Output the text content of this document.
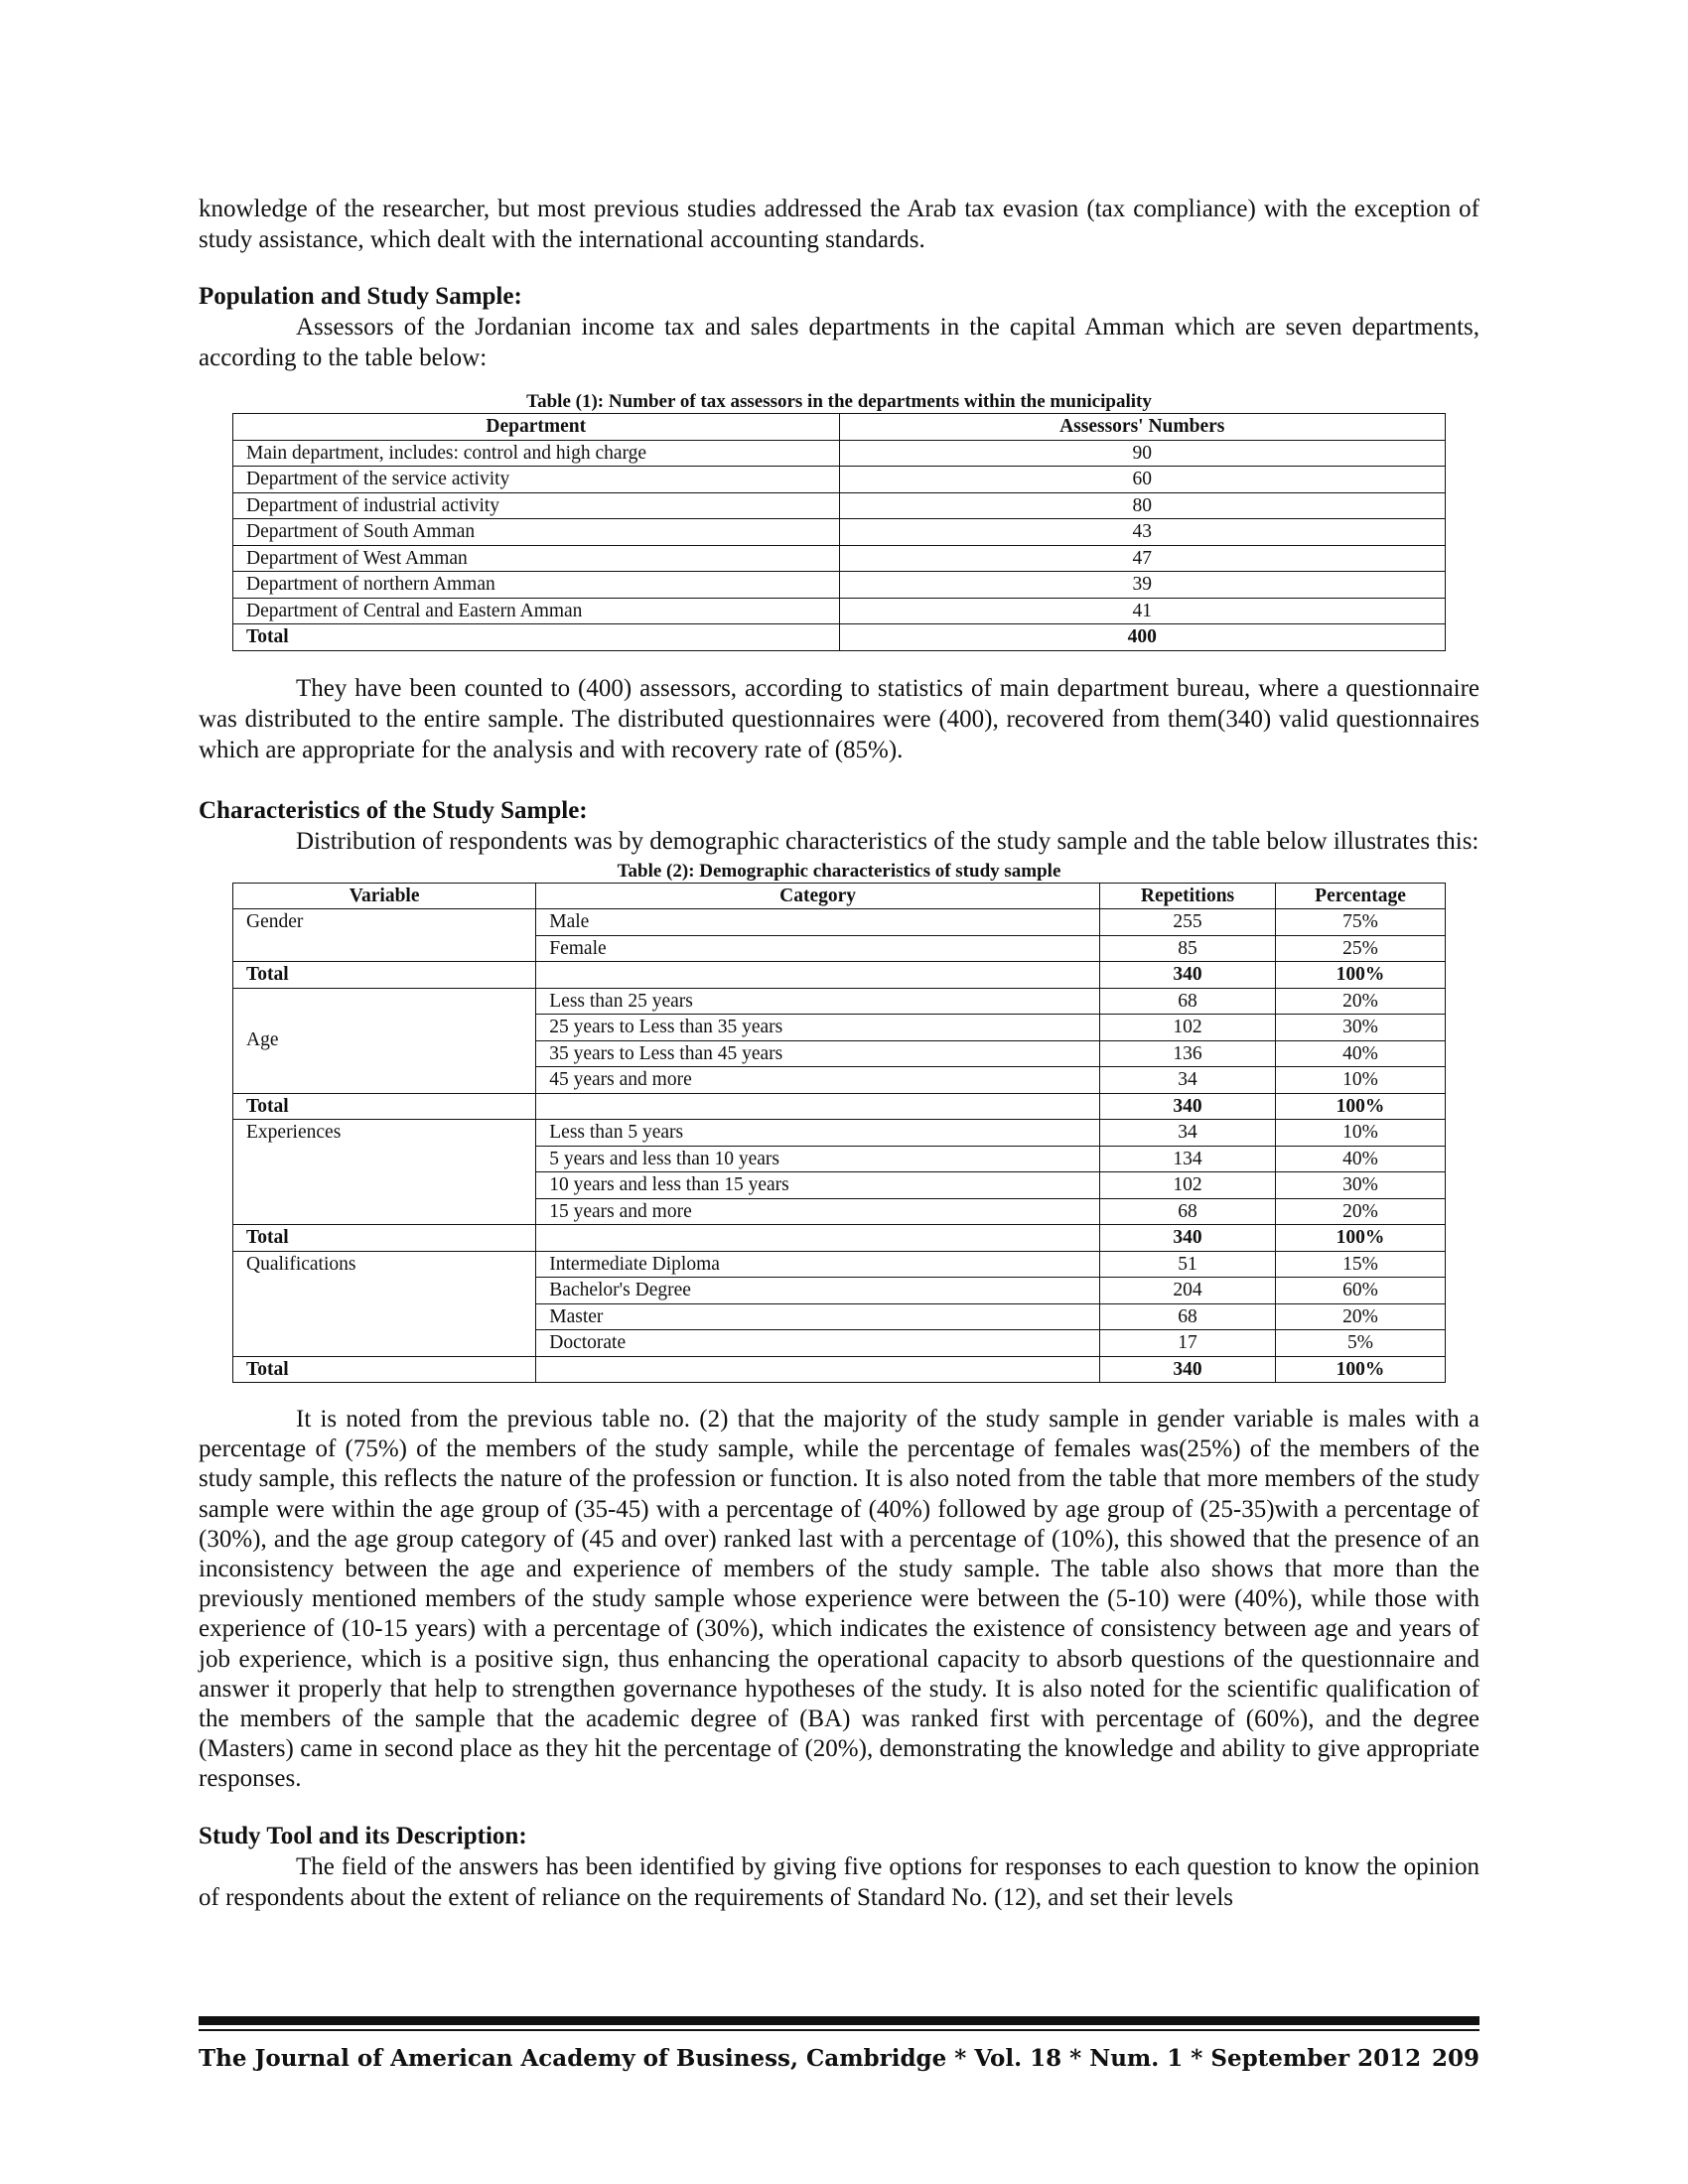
knowledge of the researcher, but most previous studies addressed the Arab tax evasion (tax compliance) with the exception of study assistance, which dealt with the international accounting standards.

Population and Study Sample:

Assessors of the Jordanian income tax and sales departments in the capital Amman which are seven departments, according to the table below:

Table (1): Number of tax assessors in the departments within the municipality
Department	Assessors' Numbers
Main department, includes: control and high charge	90
Department of the service activity	60
Department of industrial activity	80
Department of South Amman	43
Department of West Amman	47
Department of northern Amman	39
Department of Central and Eastern Amman	41
Total	400

They have been counted to (400) assessors, according to statistics of main department bureau, where a questionnaire was distributed to the entire sample. The distributed questionnaires were (400), recovered from them(340) valid questionnaires which are appropriate for the analysis and with recovery rate of (85%).

Characteristics of the Study Sample:

Distribution of respondents was by demographic characteristics of the study sample and the table below illustrates this:

Table (2): Demographic characteristics of study sample
Variable	Category	Repetitions	Percentage
Gender	Male	255	75%
	Female	85	25%
Total		340	100%
Age	Less than 25 years	68	20%
	25 years to Less than 35 years	102	30%
	35 years to Less than 45 years	136	40%
	45 years and more	34	10%
Total		340	100%
Experiences	Less than 5 years	34	10%
	5 years and less than 10 years	134	40%
	10 years and less than 15 years	102	30%
	15 years and more	68	20%
Total		340	100%
Qualifications	Intermediate Diploma	51	15%
	Bachelor's Degree	204	60%
	Master	68	20%
	Doctorate	17	5%
Total		340	100%

It is noted from the previous table no. (2) that the majority of the study sample in gender variable is males with a percentage of (75%) of the members of the study sample, while the percentage of females was(25%) of the members of the study sample, this reflects the nature of the profession or function. It is also noted from the table that more members of the study sample were within the age group of (35-45) with a percentage of (40%) followed by age group of (25-35)with a percentage of (30%), and the age group category of (45 and over) ranked last with a percentage of (10%), this showed that the presence of an inconsistency between the age and experience of members of the study sample. The table also shows that more than the previously mentioned members of the study sample whose experience were between the (5-10) were (40%), while those with experience of (10-15 years) with a percentage of (30%), which indicates the existence of consistency between age and years of job experience, which is a positive sign, thus enhancing the operational capacity to absorb questions of the questionnaire and answer it properly that help to strengthen governance hypotheses of the study. It is also noted for the scientific qualification of the members of the sample that the academic degree of (BA) was ranked first with percentage of (60%), and the degree (Masters) came in second place as they hit the percentage of (20%), demonstrating the knowledge and ability to give appropriate responses.

Study Tool and its Description:

The field of the answers has been identified by giving five options for responses to each question to know the opinion of respondents about the extent of reliance on the requirements of Standard No. (12), and set their levels

The Journal of American Academy of Business, Cambridge * Vol. 18 * Num. 1 * September 2012 209
